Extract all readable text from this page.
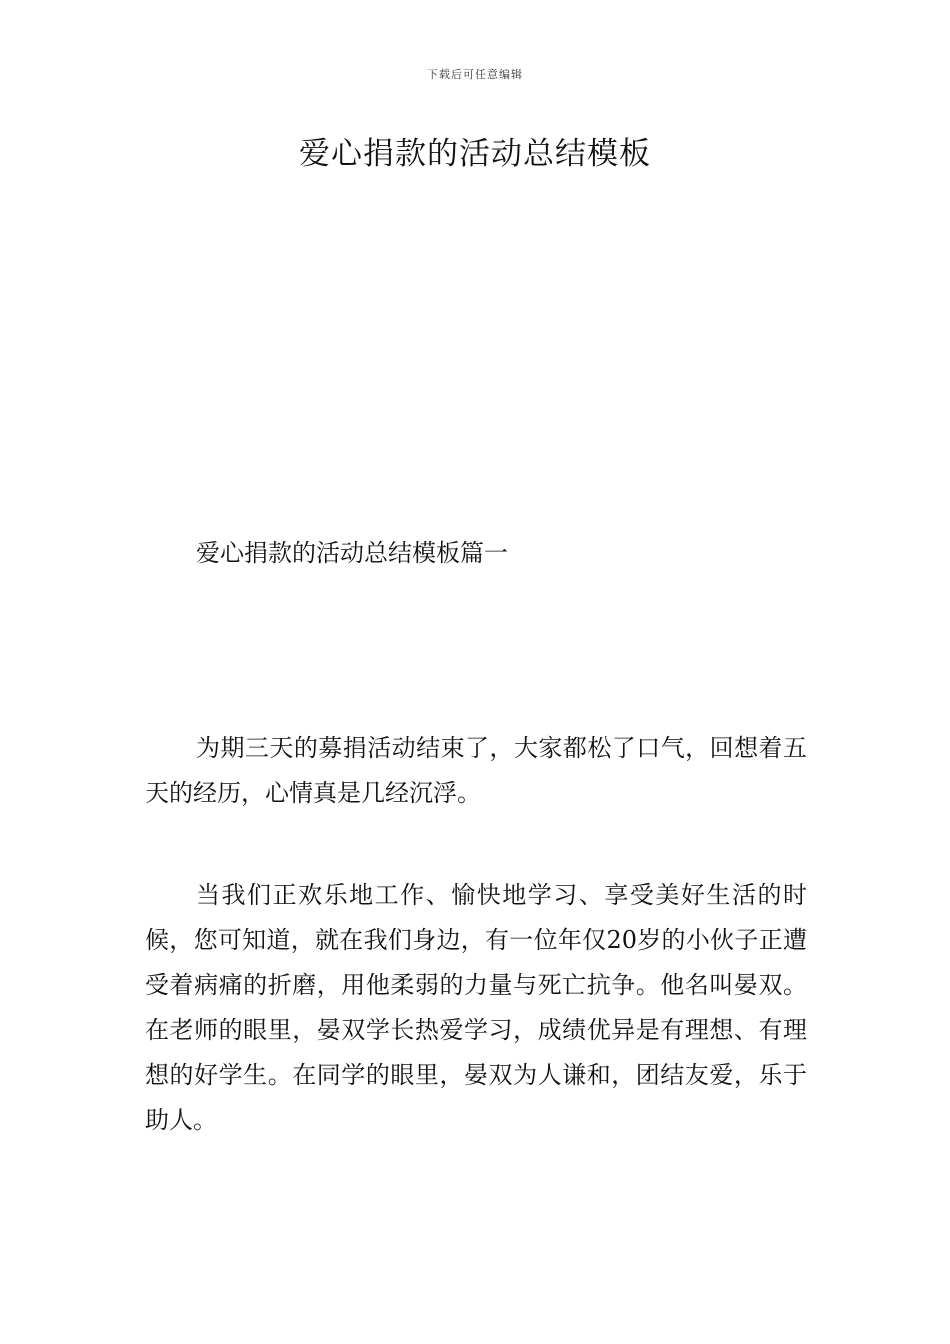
下载后可任意编辑
爱心捐款的活动总结模板
爱心捐款的活动总结模板篇一

为期三天的募捐活动结束了，大家都松了口气，回想着五天的经历，心情真是几经沉浮。

当我们正欢乐地工作、愉快地学习、享受美好生活的时候，您可知道，就在我们身边，有一位年仅20岁的小伙子正遭受着病痛的折磨，用他柔弱的力量与死亡抗争。他名叫晏双。在老师的眼里，晏双学长热爱学习，成绩优异是有理想、有理想的好学生。在同学的眼里，晏双为人谦和，团结友爱，乐于助人。
